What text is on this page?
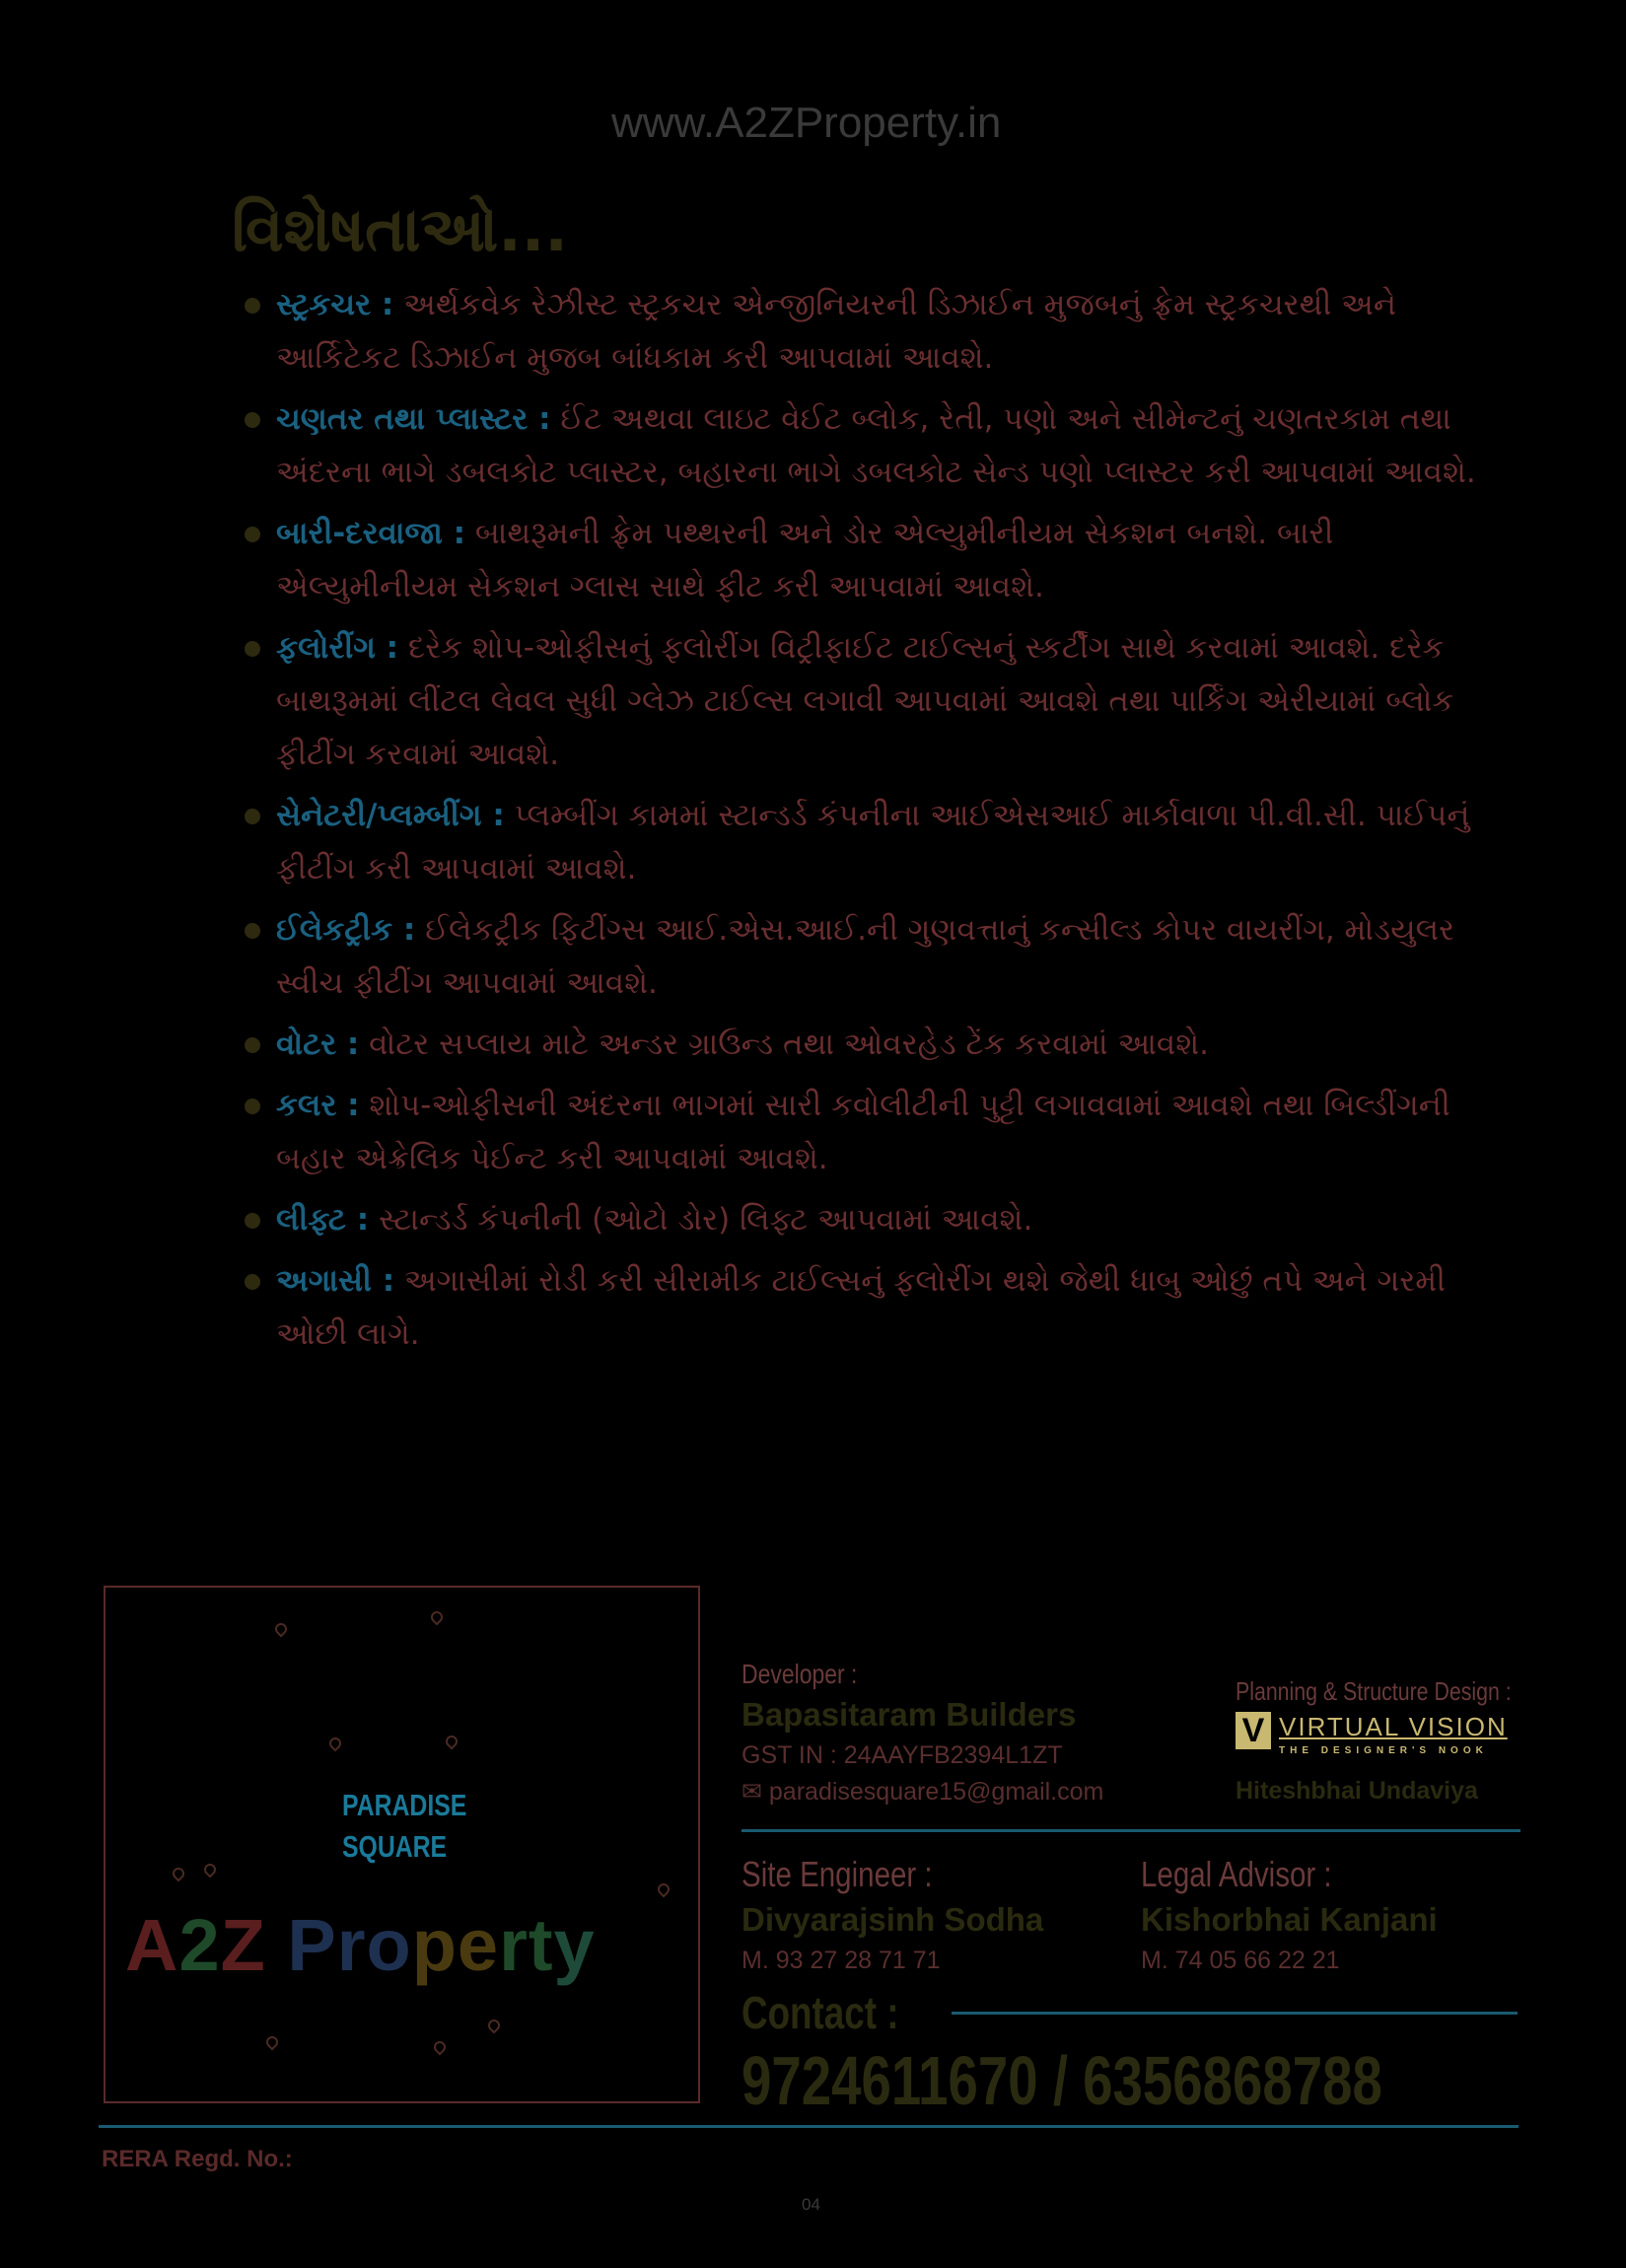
www.A2ZProperty.in
વિશેષતાઓ...
સ્ટ્રકચર : અર્થકવેક રેઝીસ્ટ સ્ટ્રકચર એન્જીનિયરની ડિઝાઈન મુજબનું ફ્રેમ સ્ટ્રકચરથી અને આર્કિટેકટ ડિઝાઈન મુજબ બાંધકામ કરી આપવામાં આવશે.
ચણતર તથા પ્લાસ્ટર : ઈંટ અથવા લાઇટ વેઈટ બ્લોક, રેતી, પણો અને સીમેન્ટનું ચણતરકામ તથા અંદરના ભાગે ડબલકોટ પ્લાસ્ટર, બહારના ભાગે ડબલકોટ સેન્ડ પણો પ્લાસ્ટર કરી આપવામાં આવશે.
બારી-દરવાજા : બાથરૂમની ફ્રેમ પથ્થરની અને ડોર એલ્યુમીનીયમ સેકશન બનશે. બારી એલ્યુમીનીયમ સેકશન ગ્લાસ સાથે ફીટ કરી આપવામાં આવશે.
ફલોરીંગ : દરેક શોપ-ઓફીસનું ફલોરીંગ વિટ્રીફાઈટ ટાઈલ્સનું સ્કર્ટીંગ સાથે કરવામાં આવશે. દરેક બાથરૂમમાં લીંટલ લેવલ સુધી ગ્લેઝ ટાઈલ્સ લગાવી આપવામાં આવશે તથા પાર્કિંગ એરીયામાં બ્લોક ફીટીંગ કરવામાં આવશે.
સેનેટરી/પ્લમ્બીંગ : પ્લમ્બીંગ કામમાં સ્ટાન્ડર્ડ કંપનીના આઈએસઆઈ માર્કાવાળા પી.વી.સી. પાઈપનું ફીટીંગ કરી આપવામાં આવશે.
ઈલેકટ્રીક : ઈલેકટ્રીક ફિટીંગ્સ આઈ.એસ.આઈ.ની ગુણવત્તાનું કન્સીલ્ડ કોપર વાયરીંગ, મોડયુલર સ્વીચ ફીટીંગ આપવામાં આવશે.
વોટર : વોટર સપ્લાય માટે અન્ડર ગ્રાઉન્ડ તથા ઓવરહેડ ટેંક કરવામાં આવશે.
કલર : શોપ-ઓફીસની અંદરના ભાગમાં સારી કવોલીટીની પુટ્ટી લગાવવામાં આવશે તથા બિલ્ડીંગની બહાર એક્રેલિક પેઈન્ટ કરી આપવામાં આવશે.
લીફ્ટ : સ્ટાન્ડર્ડ કંપનીની (ઓટો ડોર) લિફ્ટ આપવામાં આવશે.
અગાસી : અગાસીમાં રોડી કરી સીરામીક ટાઈલ્સનું ફલોરીંગ થશે જેથી ધાબુ ઓછું તપે અને ગરમી ઓછી લાગે.
PARADISE
SQUARE
A2Z Property
Developer :
Bapasitaram Builders
GST IN : 24AAYFB2394L1ZT
✉ paradisesquare15@gmail.com
Planning & Structure Design :
V VIRTUAL VISION
THE DESIGNER'S NOOK
Hiteshbhai Undaviya
Site Engineer :
Divyarajsinh Sodha
M. 93 27 28 71 71
Legal Advisor :
Kishorbhai Kanjani
M. 74 05 66 22 21
Contact :
9724611670 / 6356868788
RERA Regd. No.:
04
